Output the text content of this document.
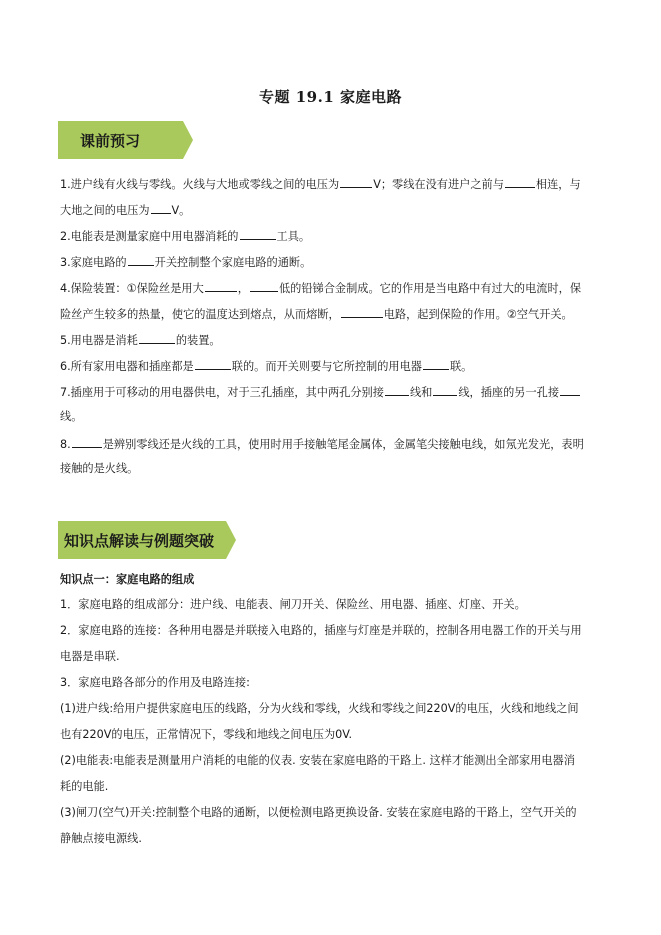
专题 19.1 家庭电路
课前预习
1.进户线有火线与零线。火线与大地或零线之间的电压为	V；零线在没有进户之前与	相连，与
大地之间的电压为 V。
2.电能表是测量家庭中用电器消耗的	工具。
3.家庭电路的	开关控制整个家庭电路的通断。
4.保险装置：①保险丝是用大	，	低的铅锑合金制成。它的作用是当电路中有过大的电流时，保
险丝产生较多的热量，使它的温度达到熔点，从而熔断，	电路，起到保险的作用。②空气开关。
5.用电器是消耗	的装置。
6.所有家用电器和插座都是	联的。而开关则要与它所控制的用电器	联。
7.插座用于可移动的用电器供电，对于三孔插座，其中两孔分别接 线和 线，插座的另一孔接
线。
8.	是辨别零线还是火线的工具，使用时用手接触笔尾金属体，金属笔尖接触电线，如氖光发光，表明
接触的是火线。
知识点解读与例题突破
知识点一：家庭电路的组成
1．家庭电路的组成部分：进户线、电能表、闸刀开关、保险丝、用电器、插座、灯座、开关。
2．家庭电路的连接：各种用电器是并联接入电路的，插座与灯座是并联的，控制各用电器工作的开关与用
电器是串联.
3．家庭电路各部分的作用及电路连接:
(1)进户线:给用户提供家庭电压的线路，分为火线和零线，火线和零线之间220V的电压，火线和地线之间
也有220V的电压，正常情况下，零线和地线之间电压为0V.
(2)电能表:电能表是测量用户消耗的电能的仪表. 安装在家庭电路的干路上. 这样才能测出全部家用电器消
耗的电能.
(3)闸刀(空气)开关:控制整个电路的通断，以便检测电路更换设备. 安装在家庭电路的干路上，空气开关的
静触点接电源线.
